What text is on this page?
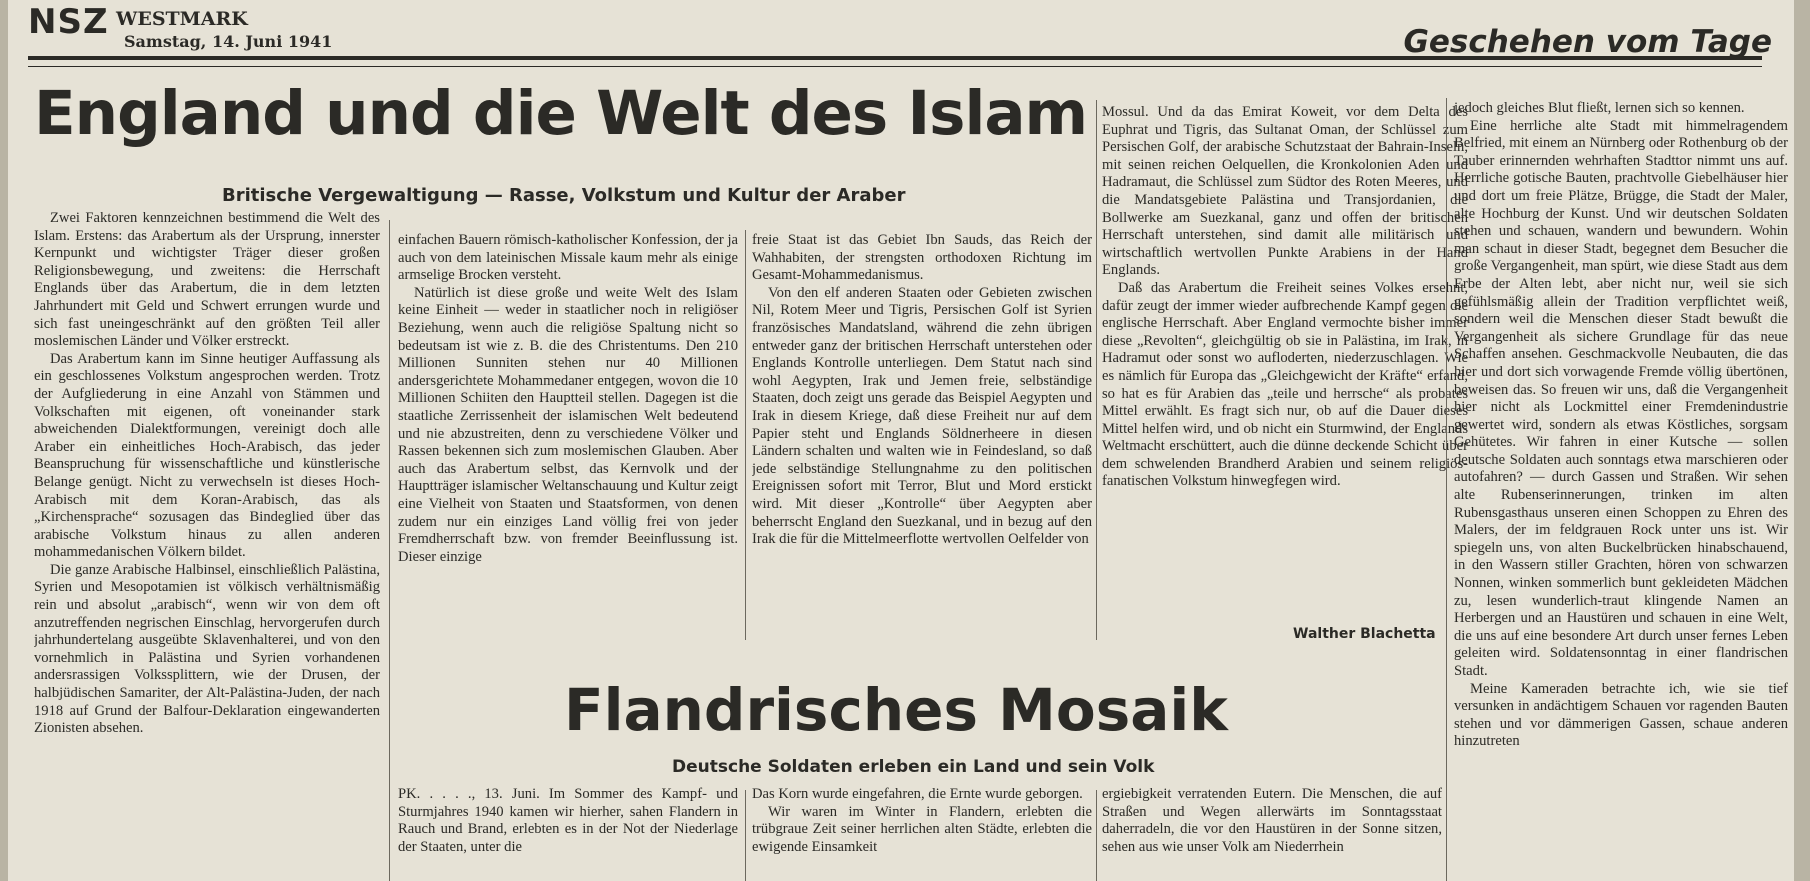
NSZ WESTMARK
Samstag, 14. Juni 1941	Geschehen vom Tage
England und die Welt des Islam
Britische Vergewaltigung — Rasse, Volkstum und Kultur der Araber

Zwei Faktoren kennzeichnen bestimmend die Welt des Islam. Erstens: das Arabertum als der Ursprung, innerster Kernpunkt und wichtigster Träger dieser großen Religionsbewegung, und zweitens: die Herrschaft Englands über das Arabertum, die in dem letzten Jahrhundert mit Geld und Schwert errungen wurde und sich fast uneingeschränkt auf den größten Teil aller moslemischen Länder und Völker erstreckt.

Das Arabertum kann im Sinne heutiger Auffassung als ein geschlossenes Volkstum angesprochen werden. Trotz der Aufgliederung in eine Anzahl von Stämmen und Volkschaften mit eigenen, oft voneinander stark abweichenden Dialektformungen, vereinigt doch alle Araber ein einheitliches Hoch-Arabisch, das jeder Beanspruchung für wissenschaftliche und künstlerische Belange genügt. Nicht zu verwechseln ist dieses Hoch-Arabisch mit dem Koran-Arabisch, das als „Kirchensprache“ sozusagen das Bindeglied über das arabische Volkstum hinaus zu allen anderen mohammedanischen Völkern bildet.

Die ganze Arabische Halbinsel, einschließlich Palästina, Syrien und Mesopotamien ist völkisch verhältnismäßig rein und absolut „arabisch“, wenn wir von dem oft anzutreffenden negrischen Einschlag, hervorgerufen durch jahrhundertelang ausgeübte Sklavenhalterei, und von den vornehmlich in Palästina und Syrien vorhandenen andersrassigen Volkssplittern, wie der Drusen, der halbjüdischen Samariter, der Alt-Palästina-Juden, der nach 1918 auf Grund der Balfour-Deklaration eingewanderten Zionisten absehen.

einfachen Bauern römisch-katholischer Konfession, der ja auch von dem lateinischen Missale kaum mehr als einige armselige Brocken versteht.

Natürlich ist diese große und weite Welt des Islam keine Einheit — weder in staatlicher noch in religiöser Beziehung, wenn auch die religiöse Spaltung nicht so bedeutsam ist wie z. B. die des Christentums. Den 210 Millionen Sunniten stehen nur 40 Millionen andersgerichtete Mohammedaner entgegen, wovon die 10 Millionen Schiiten den Hauptteil stellen. Dagegen ist die staatliche Zerrissenheit der islamischen Welt bedeutend und nie abzustreiten, denn zu verschiedene Völker und Rassen bekennen sich zum moslemischen Glauben. Aber auch das Arabertum selbst, das Kernvolk und der Hauptträger islamischer Weltanschauung und Kultur zeigt eine Vielheit von Staaten und Staatsformen, von denen zudem nur ein einziges Land völlig frei von jeder Fremdherrschaft bzw. von fremder Beeinflussung ist. Dieser einzige

freie Staat ist das Gebiet Ibn Sauds, das Reich der Wahhabiten, der strengsten orthodoxen Richtung im Gesamt-Mohammedanismus.

Von den elf anderen Staaten oder Gebieten zwischen Nil, Rotem Meer und Tigris, Persischen Golf ist Syrien französisches Mandatsland, während die zehn übrigen entweder ganz der britischen Herrschaft unterstehen oder Englands Kontrolle unterliegen. Dem Statut nach sind wohl Aegypten, Irak und Jemen freie, selbständige Staaten, doch zeigt uns gerade das Beispiel Aegypten und Irak in diesem Kriege, daß diese Freiheit nur auf dem Papier steht und Englands Söldnerheere in diesen Ländern schalten und walten wie in Feindesland, so daß jede selbständige Stellungnahme zu den politischen Ereignissen sofort mit Terror, Blut und Mord erstickt wird. Mit dieser „Kontrolle“ über Aegypten aber beherrscht England den Suezkanal, und in bezug auf den Irak die für die Mittelmeerflotte wertvollen Oelfelder von

Mossul. Und da das Emirat Koweit, vor dem Delta des Euphrat und Tigris, das Sultanat Oman, der Schlüssel zum Persischen Golf, der arabische Schutzstaat der Bahrain-Inseln, mit seinen reichen Oelquellen, die Kronkolonien Aden und Hadramaut, die Schlüssel zum Südtor des Roten Meeres, und die Mandatsgebiete Palästina und Transjordanien, die Bollwerke am Suezkanal, ganz und offen der britischen Herrschaft unterstehen, sind damit alle militärisch und wirtschaftlich wertvollen Punkte Arabiens in der Hand Englands.

Daß das Arabertum die Freiheit seines Volkes ersehnt, dafür zeugt der immer wieder aufbrechende Kampf gegen die englische Herrschaft. Aber England vermochte bisher immer diese „Revolten“, gleichgültig ob sie in Palästina, im Irak, in Hadramut oder sonst wo aufloderten, niederzuschlagen. Wie es nämlich für Europa das „Gleichgewicht der Kräfte“ erfand, so hat es für Arabien das „teile und herrsche“ als probates Mittel erwählt. Es fragt sich nur, ob auf die Dauer dieses Mittel helfen wird, und ob nicht ein Sturmwind, der Englands Weltmacht erschüttert, auch die dünne deckende Schicht über dem schwelenden Brandherd Arabien und seinem religiös-fanatischen Volkstum hinwegfegen wird.

Walther Blachetta

jedoch gleiches Blut fließt, lernen sich so kennen.

Eine herrliche alte Stadt mit himmelragendem Belfried, mit einem an Nürnberg oder Rothenburg ob der Tauber erinnernden wehrhaften Stadttor nimmt uns auf. Herrliche gotische Bauten, prachtvolle Giebelhäuser hier und dort um freie Plätze, Brügge, die Stadt der Maler, alte Hochburg der Kunst. Und wir deutschen Soldaten stehen und schauen, wandern und bewundern. Wohin man schaut in dieser Stadt, begegnet dem Besucher die große Vergangenheit, man spürt, wie diese Stadt aus dem Erbe der Alten lebt, aber nicht nur, weil sie sich gefühlsmäßig allein der Tradition verpflichtet weiß, sondern weil die Menschen dieser Stadt bewußt die Vergangenheit als sichere Grundlage für das neue Schaffen ansehen. Geschmackvolle Neubauten, die das hier und dort sich vorwagende Fremde völlig übertönen, beweisen das. So freuen wir uns, daß die Vergangenheit hier nicht als Lockmittel einer Fremdenindustrie gewertet wird, sondern als etwas Köstliches, sorgsam Gehütetes. Wir fahren in einer Kutsche — sollen deutsche Soldaten auch sonntags etwa marschieren oder autofahren? — durch Gassen und Straßen. Wir sehen alte Rubenserinnerungen, trinken im alten Rubensgasthaus unseren einen Schoppen zu Ehren des Malers, der im feldgrauen Rock unter uns ist. Wir spiegeln uns, von alten Buckelbrücken hinabschauend, in den Wassern stiller Grachten, hören von schwarzen Nonnen, winken sommerlich bunt gekleideten Mädchen zu, lesen wunderlich-traut klingende Namen an Herbergen und an Haustüren und schauen in eine Welt, die uns auf eine besondere Art durch unser fernes Leben geleiten wird. Soldatensonntag in einer flandrischen Stadt.

Meine Kameraden betrachte ich, wie sie tief versunken in andächtigem Schauen vor ragenden Bauten stehen und vor dämmerigen Gassen, schaue anderen hinzutreten

Flandrisches Mosaik
Deutsche Soldaten erleben ein Land und sein Volk

PK. . . . ., 13. Juni. Im Sommer des Kampf- und Sturmjahres 1940 kamen wir hierher, sahen Flandern in Rauch und Brand, erlebten es in der Not der Niederlage der Staaten, unter die

Das Korn wurde eingefahren, die Ernte wurde geborgen.

Wir waren im Winter in Flandern, erlebten die trübgraue Zeit seiner herrlichen alten Städte, erlebten die ewigende Einsamkeit

ergiebigkeit verratenden Eutern. Die Menschen, die auf Straßen und Wegen allerwärts im Sonntagsstaat daherradeln, die vor den Haustüren in der Sonne sitzen, sehen aus wie unser Volk am Niederrhein
